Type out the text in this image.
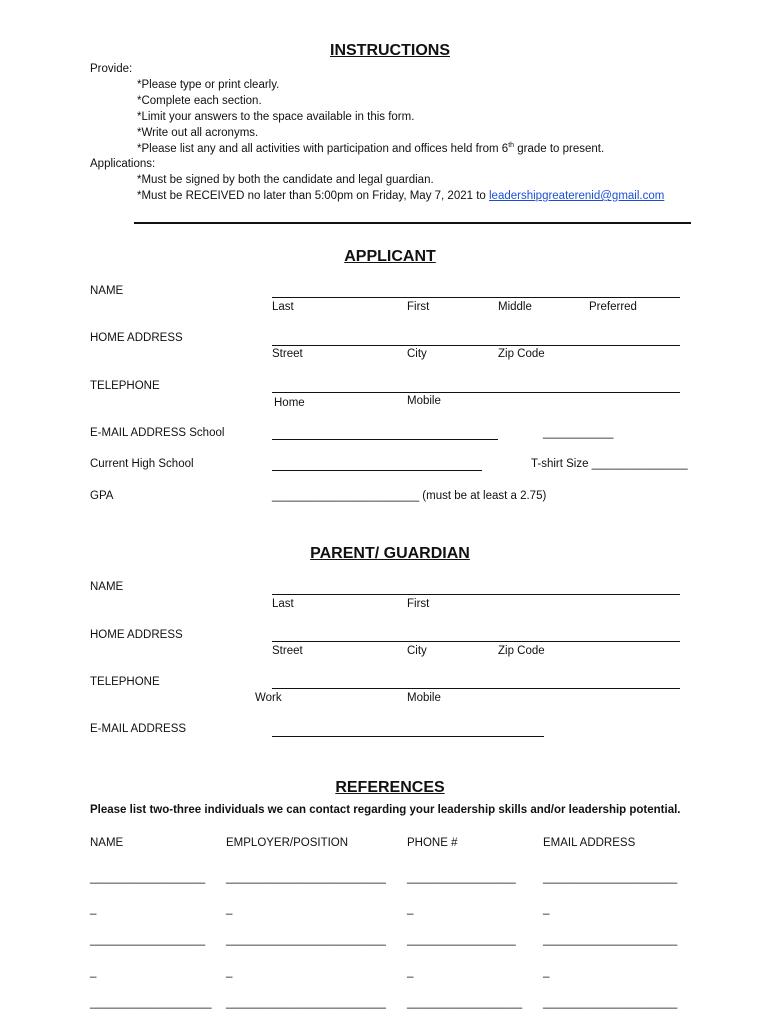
INSTRUCTIONS
Provide:
*Please type or print clearly.
*Complete each section.
*Limit your answers to the space available in this form.
*Write out all acronyms.
*Please list any and all activities with participation and offices held from 6th grade to present.
Applications:
*Must be signed by both the candidate and legal guardian.
*Must be RECEIVED no later than 5:00pm on Friday, May 7, 2021 to leadershipgreaterenid@gmail.com
APPLICANT
NAME
Last	First	Middle	Preferred
HOME ADDRESS
Street	City	Zip Code
TELEPHONE
Home	Mobile
E-MAIL ADDRESS School	___________
Current High School	T-shirt Size _______________
GPA	_______________________ (must be at least a 2.75)
PARENT/ GUARDIAN
NAME
Last	First
HOME ADDRESS
Street	City	Zip Code
TELEPHONE
Work	Mobile
E-MAIL ADDRESS
REFERENCES
Please list two-three individuals we can contact regarding your leadership skills and/or leadership potential.
NAME	EMPLOYER/POSITION	PHONE #	EMAIL ADDRESS
__________________ _________________________ _________________ _____________________
_	_	_	_
__________________ _________________________ _________________ _____________________
_	_	_	_
___________________ _________________________ __________________ _____________________
